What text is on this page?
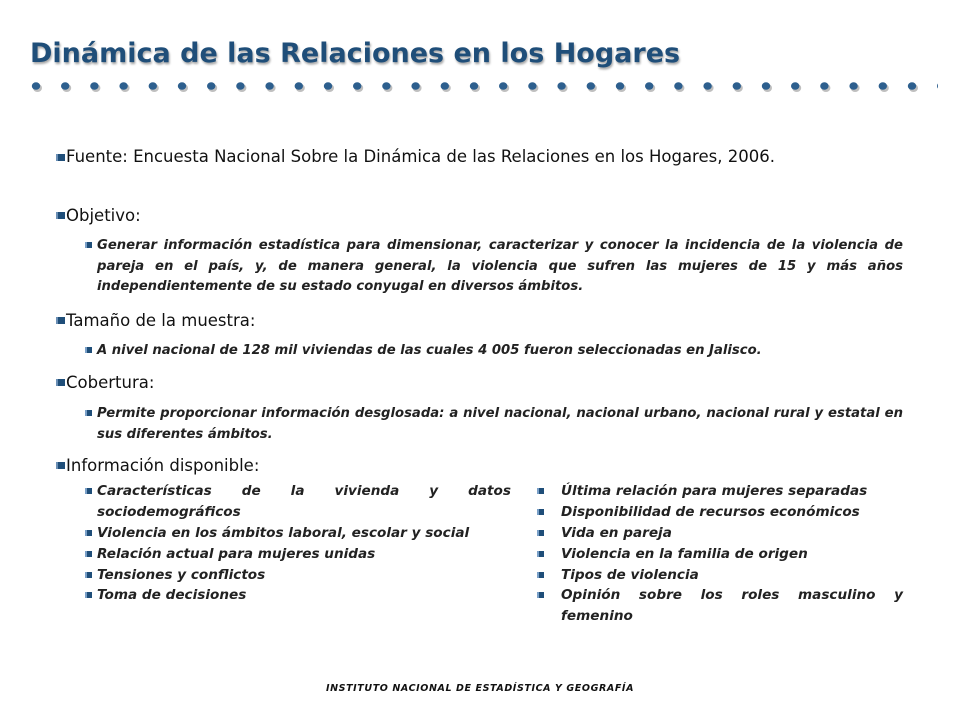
Dinámica de las Relaciones en los Hogares
Fuente: Encuesta Nacional Sobre la Dinámica de las Relaciones en los Hogares, 2006.
Objetivo:
Generar información estadística para dimensionar, caracterizar y conocer la incidencia de la violencia de pareja en el país, y, de manera general, la violencia que sufren las mujeres de 15 y más años independientemente de su estado conyugal en diversos ámbitos.
Tamaño de la muestra:
A nivel nacional de 128 mil viviendas de las cuales 4 005 fueron seleccionadas en Jalisco.
Cobertura:
Permite proporcionar información desglosada: a nivel nacional, nacional urbano, nacional rural y estatal en sus diferentes ámbitos.
Información disponible:
Características de la vivienda y datos sociodemográficos
Violencia en los ámbitos laboral, escolar y social
Relación actual para mujeres unidas
Tensiones y conflictos
Toma de decisiones
Última relación para mujeres separadas
Disponibilidad de recursos económicos
Vida en pareja
Violencia en la familia de origen
Tipos de violencia
Opinión sobre los roles masculino y femenino
INSTITUTO NACIONAL DE ESTADÍSTICA Y GEOGRAFÍA
